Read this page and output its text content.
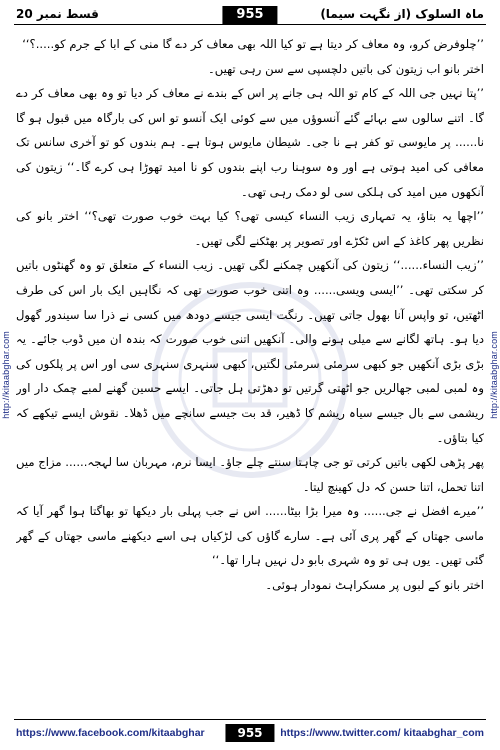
http://kitaabghar.com	http://kitaabghar.com
قسط نمبر 20	955	ماہ السلوک (از نگہت سیما)

’’چلوفرض کرو، وہ معاف کر دیتا ہے تو کیا اللہ بھی معاف کر دے گا منی کے ابا کے جرم کو.....؟‘‘

اختر بانو اب زیتون کی باتیں دلچسپی سے سن رہی تھیں۔

’’پتا نہیں جی اللہ کے کام تو اللہ ہی جانے پر اس کے بندے نے معاف کر دیا تو وہ بھی معاف کر دے گا۔ اتنے سالوں سے بہائے گئے آنسوؤں میں سے کوئی ایک آنسو تو اس کی بارگاہ میں قبول ہو گا نا...... پر مایوسی تو کفر ہے نا جی۔ شیطان مایوس ہوتا ہے۔ ہم بندوں کو تو آخری سانس تک معافی کی امید ہوتی ہے اور وہ سوہنا رب اپنے بندوں کو نا امید تھوڑا ہی کرے گا۔‘‘ زیتون کی آنکھوں میں امید کی ہلکی سی لو دمک رہی تھی۔

’’اچھا یہ بتاؤ، یہ تمہاری زیب النساء کیسی تھی؟ کیا بہت خوب صورت تھی؟‘‘ اختر بانو کی نظریں پھر کاغذ کے اس ٹکڑے اور تصویر پر بھٹکنے لگی تھیں۔

’’زیب النساء......‘‘ زیتون کی آنکھیں چمکنے لگی تھیں۔ زیب النساء کے متعلق تو وہ گھنٹوں باتیں کر سکتی تھی۔ ’’ایسی ویسی...... وہ اتنی خوب صورت تھی کہ نگاہیں ایک بار اس کی طرف اٹھتیں، تو واپس آنا بھول جاتی تھیں۔ رنگت ایسی جیسے دودھ میں کسی نے ذرا سا سیندور گھول دیا ہو۔ ہاتھ لگانے سے میلی ہونے والی۔ آنکھیں اتنی خوب صورت کہ بندہ ان میں ڈوب جائے۔ یہ بڑی بڑی آنکھیں جو کبھی سرمئی سرمئی لگتیں، کبھی سنہری سنہری سی اور اس پر پلکوں کی وہ لمبی لمبی جھالریں جو اٹھتی گرتیں تو دھڑتی ہل جاتی۔ ایسے حسین گھنے لمبے چمک دار اور ریشمی سے بال جیسے سیاہ ریشم کا ڈھیر، قد بت جیسے سانچے میں ڈھلا۔ نقوش ایسے تیکھے کہ کیا بتاؤں۔

پھر پڑھی لکھی باتیں کرتی تو جی چاہتا سنتے چلے جاؤ۔ ایسا نرم، مہربان سا لہجہ...... مزاج میں اتنا تحمل، اتنا حسن کہ دل کھینچ لیتا۔

’’میرے افضل نے جی...... وہ میرا بڑا بیٹا...... اس نے جب پہلی بار دیکھا تو بھاگتا ہوا گھر آیا کہ ماسی جھتاں کے گھر پری آئی ہے۔ سارے گاؤں کی لڑکیاں ہی اسے دیکھنے ماسی جھتاں کے گھر گئی تھیں۔ یوں ہی تو وہ شہری بابو دل نہیں ہارا تھا۔‘‘

اختر بانو کے لبوں پر مسکراہٹ نمودار ہوئی۔

https://www.facebook.com/kitaabghar	955	https://www.twitter.com/ kitaabghar_com
